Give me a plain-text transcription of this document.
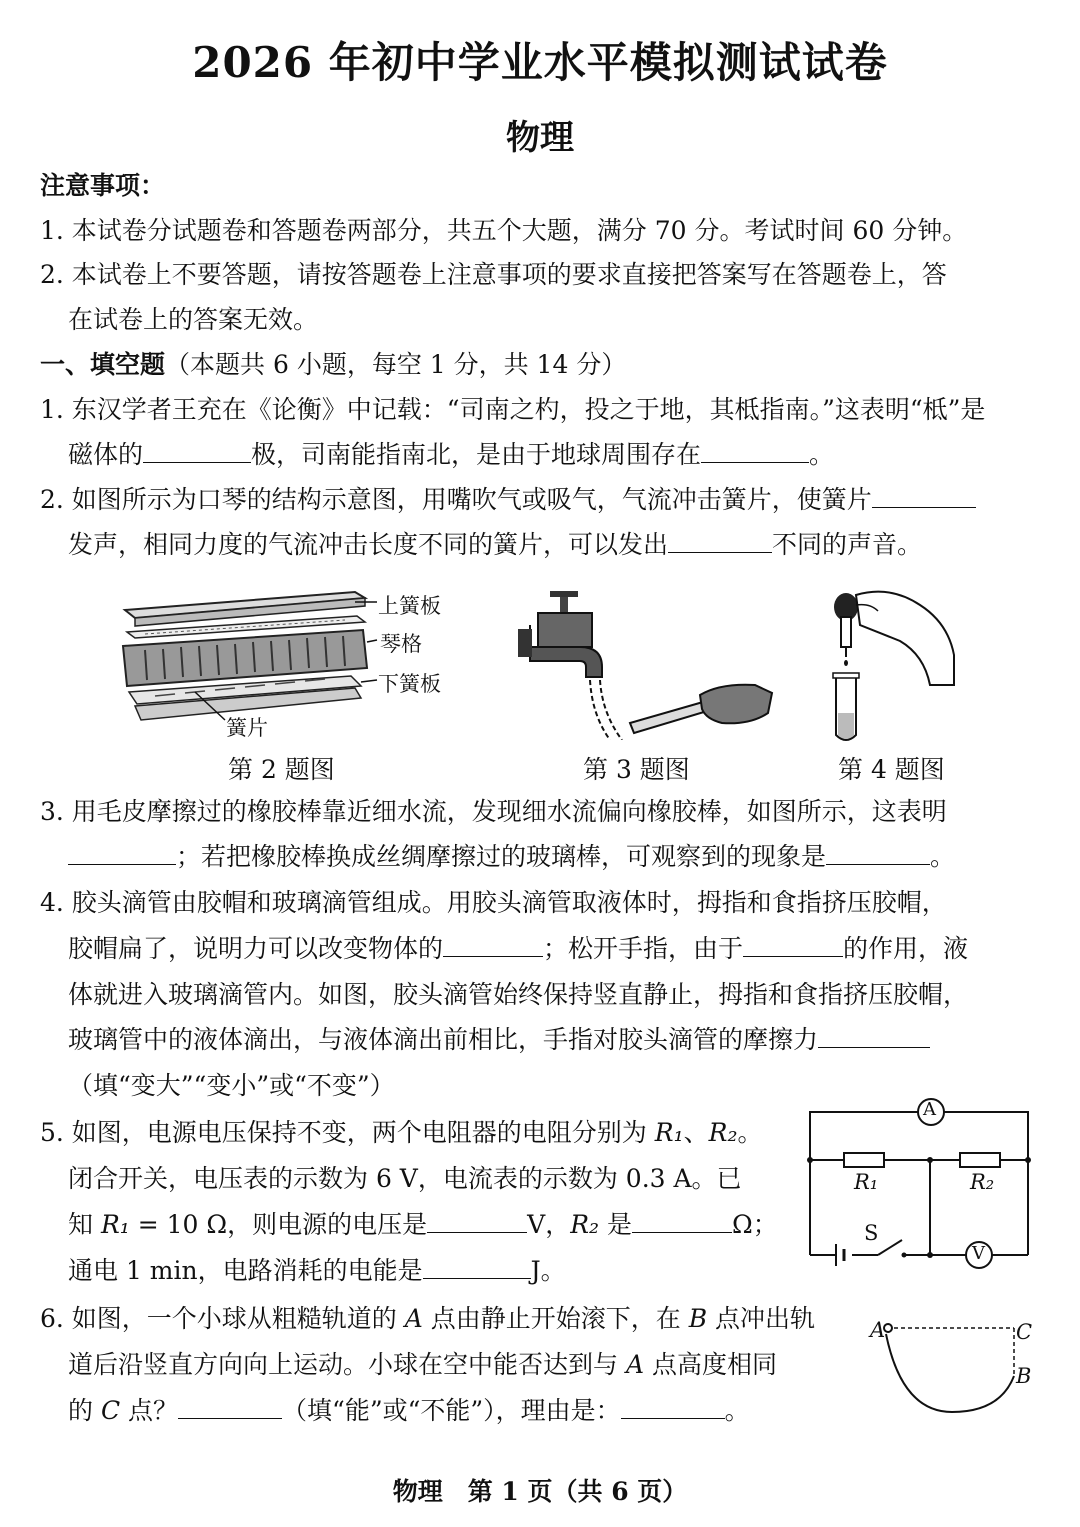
2026 年初中学业水平模拟测试试卷
物理
注意事项：
1. 本试卷分试题卷和答题卷两部分，共五个大题，满分 70 分。考试时间 60 分钟。
2. 本试卷上不要答题，请按答题卷上注意事项的要求直接把答案写在答题卷上，答
在试卷上的答案无效。
一、填空题（本题共 6 小题，每空 1 分，共 14 分）
1. 东汉学者王充在《论衡》中记载：“司南之杓，投之于地，其柢指南。”这表明“柢”是
磁体的	极，司南能指南北，是由于地球周围存在	。
2. 如图所示为口琴的结构示意图，用嘴吹气或吸气，气流冲击簧片，使簧片
发声，相同力度的气流冲击长度不同的簧片，可以发出	不同的声音。
上簧板
琴格
下簧板
簧片
第 2 题图	第 3 题图	第 4 题图
3. 用毛皮摩擦过的橡胶棒靠近细水流，发现细水流偏向橡胶棒，如图所示，这表明
；若把橡胶棒换成丝绸摩擦过的玻璃棒，可观察到的现象是	。
4. 胶头滴管由胶帽和玻璃滴管组成。用胶头滴管取液体时，拇指和食指挤压胶帽，
胶帽扁了，说明力可以改变物体的	；松开手指，由于	的作用，液
体就进入玻璃滴管内。如图，胶头滴管始终保持竖直静止，拇指和食指挤压胶帽，
玻璃管中的液体滴出，与液体滴出前相比，手指对胶头滴管的摩擦力
（填“变大”“变小”或“不变”）
5. 如图，电源电压保持不变，两个电阻器的电阻分别为 R₁、R₂。
闭合开关，电压表的示数为 6 V，电流表的示数为 0.3 A。已
知 R₁ = 10 Ω，则电源的电压是	V，R₂ 是	Ω；
通电 1 min，电路消耗的电能是	J。
A
V
S
R₁	R₂
6. 如图，一个小球从粗糙轨道的 A 点由静止开始滚下，在 B 点冲出轨
道后沿竖直方向向上运动。小球在空中能否达到与 A 点高度相同
的 C 点？	（填“能”或“不能”），理由是：	。
A	C
B
物理　第 1 页（共 6 页）
